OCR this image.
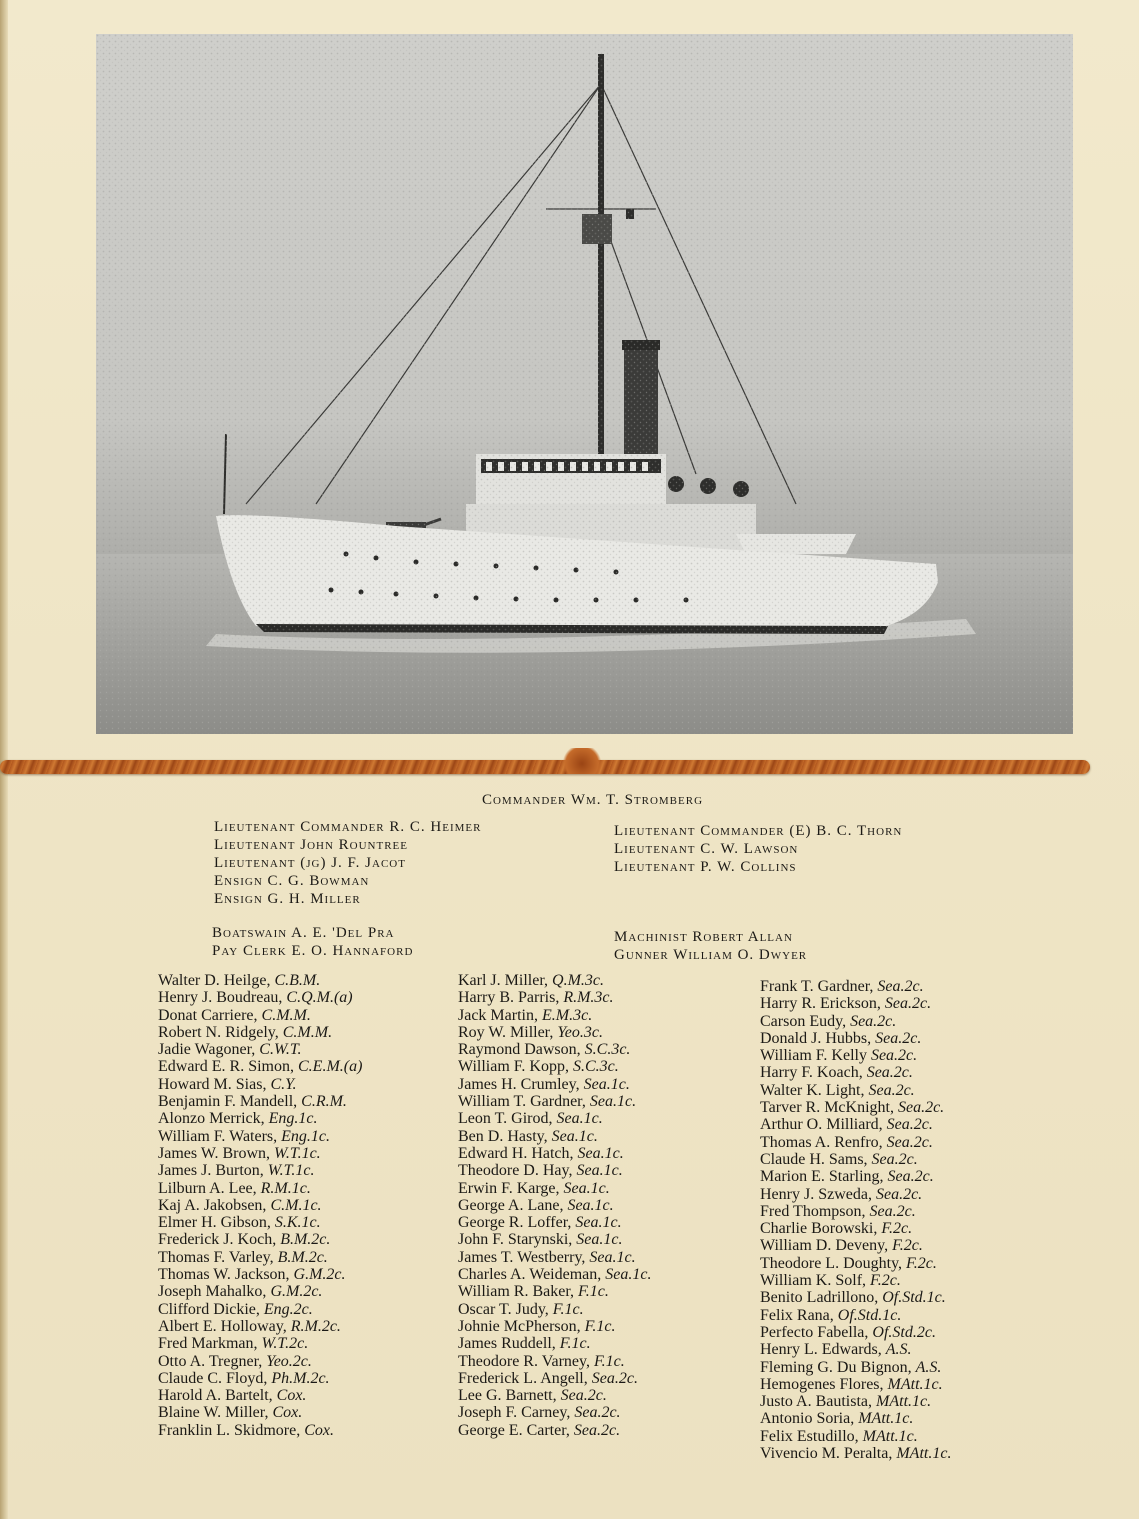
Commander Wm. T. Stromberg
Lieutenant Commander R. C. Heimer
Lieutenant John Rountree
Lieutenant (jg) J. F. Jacot
Ensign C. G. Bowman
Ensign G. H. Miller
Lieutenant Commander (E) B. C. Thorn
Lieutenant C. W. Lawson
Lieutenant P. W. Collins
Boatswain A. E. 'Del Pra
Pay Clerk E. O. Hannaford
Machinist Robert Allan
Gunner William O. Dwyer
Walter D. Heilge, C.B.M.
Henry J. Boudreau, C.Q.M.(a)
Donat Carriere, C.M.M.
Robert N. Ridgely, C.M.M.
Jadie Wagoner, C.W.T.
Edward E. R. Simon, C.E.M.(a)
Howard M. Sias, C.Y.
Benjamin F. Mandell, C.R.M.
Alonzo Merrick, Eng.1c.
William F. Waters, Eng.1c.
James W. Brown, W.T.1c.
James J. Burton, W.T.1c.
Lilburn A. Lee, R.M.1c.
Kaj A. Jakobsen, C.M.1c.
Elmer H. Gibson, S.K.1c.
Frederick J. Koch, B.M.2c.
Thomas F. Varley, B.M.2c.
Thomas W. Jackson, G.M.2c.
Joseph Mahalko, G.M.2c.
Clifford Dickie, Eng.2c.
Albert E. Holloway, R.M.2c.
Fred Markman, W.T.2c.
Otto A. Tregner, Yeo.2c.
Claude C. Floyd, Ph.M.2c.
Harold A. Bartelt, Cox.
Blaine W. Miller, Cox.
Franklin L. Skidmore, Cox.
Karl J. Miller, Q.M.3c.
Harry B. Parris, R.M.3c.
Jack Martin, E.M.3c.
Roy W. Miller, Yeo.3c.
Raymond Dawson, S.C.3c.
William F. Kopp, S.C.3c.
James H. Crumley, Sea.1c.
William T. Gardner, Sea.1c.
Leon T. Girod, Sea.1c.
Ben D. Hasty, Sea.1c.
Edward H. Hatch, Sea.1c.
Theodore D. Hay, Sea.1c.
Erwin F. Karge, Sea.1c.
George A. Lane, Sea.1c.
George R. Loffer, Sea.1c.
John F. Starynski, Sea.1c.
James T. Westberry, Sea.1c.
Charles A. Weideman, Sea.1c.
William R. Baker, F.1c.
Oscar T. Judy, F.1c.
Johnie McPherson, F.1c.
James Ruddell, F.1c.
Theodore R. Varney, F.1c.
Frederick L. Angell, Sea.2c.
Lee G. Barnett, Sea.2c.
Joseph F. Carney, Sea.2c.
George E. Carter, Sea.2c.
Frank T. Gardner, Sea.2c.
Harry R. Erickson, Sea.2c.
Carson Eudy, Sea.2c.
Donald J. Hubbs, Sea.2c.
William F. Kelly Sea.2c.
Harry F. Koach, Sea.2c.
Walter K. Light, Sea.2c.
Tarver R. McKnight, Sea.2c.
Arthur O. Milliard, Sea.2c.
Thomas A. Renfro, Sea.2c.
Claude H. Sams, Sea.2c.
Marion E. Starling, Sea.2c.
Henry J. Szweda, Sea.2c.
Fred Thompson, Sea.2c.
Charlie Borowski, F.2c.
William D. Deveny, F.2c.
Theodore L. Doughty, F.2c.
William K. Solf, F.2c.
Benito Ladrillono, Of.Std.1c.
Felix Rana, Of.Std.1c.
Perfecto Fabella, Of.Std.2c.
Henry L. Edwards, A.S.
Fleming G. Du Bignon, A.S.
Hemogenes Flores, MAtt.1c.
Justo A. Bautista, MAtt.1c.
Antonio Soria, MAtt.1c.
Felix Estudillo, MAtt.1c.
Vivencio M. Peralta, MAtt.1c.
